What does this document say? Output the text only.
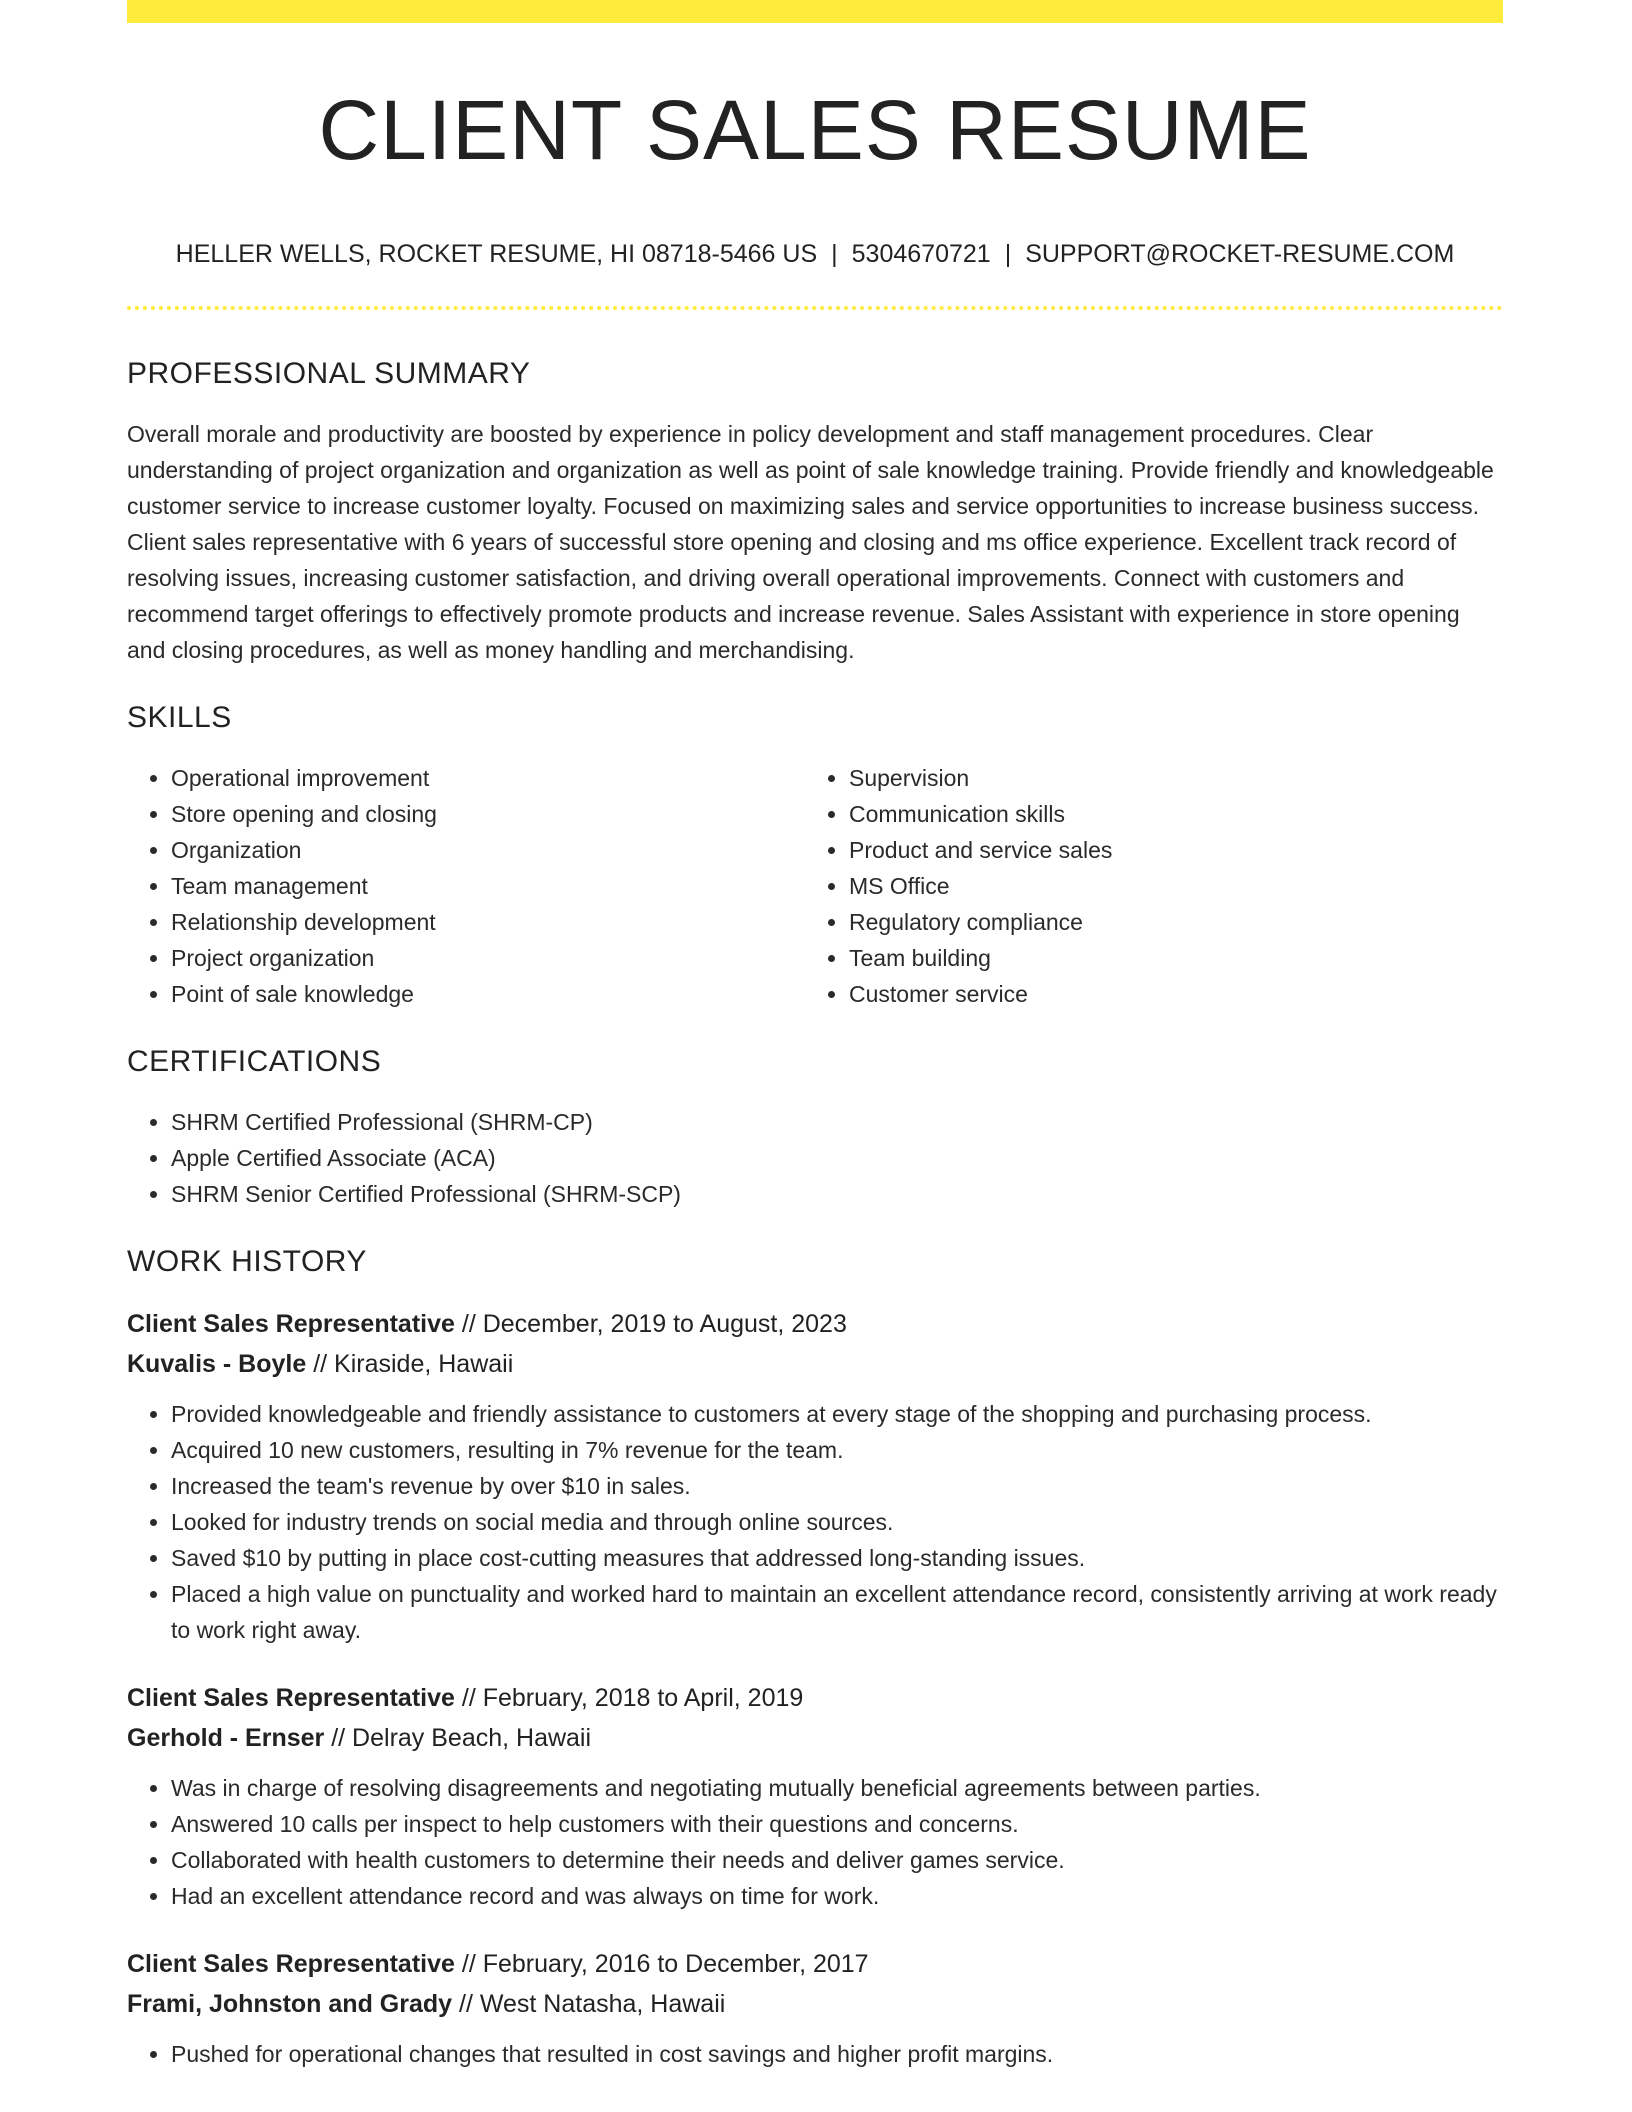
CLIENT SALES RESUME
HELLER WELLS, ROCKET RESUME, HI 08718-5466 US | 5304670721 | SUPPORT@ROCKET-RESUME.COM
PROFESSIONAL SUMMARY

Overall morale and productivity are boosted by experience in policy development and staff management procedures. Clear understanding of project organization and organization as well as point of sale knowledge training. Provide friendly and knowledgeable customer service to increase customer loyalty. Focused on maximizing sales and service opportunities to increase business success. Client sales representative with 6 years of successful store opening and closing and ms office experience. Excellent track record of resolving issues, increasing customer satisfaction, and driving overall operational improvements. Connect with customers and recommend target offerings to effectively promote products and increase revenue. Sales Assistant with experience in store opening and closing procedures, as well as money handling and merchandising.

SKILLS
• Operational improvement
• Store opening and closing
• Organization
• Team management
• Relationship development
• Project organization
• Point of sale knowledge
• Supervision
• Communication skills
• Product and service sales
• MS Office
• Regulatory compliance
• Team building
• Customer service
CERTIFICATIONS
• SHRM Certified Professional (SHRM-CP)
• Apple Certified Associate (ACA)
• SHRM Senior Certified Professional (SHRM-SCP)
WORK HISTORY
Client Sales Representative // December, 2019 to August, 2023
Kuvalis - Boyle // Kiraside, Hawaii
• Provided knowledgeable and friendly assistance to customers at every stage of the shopping and purchasing process.
• Acquired 10 new customers, resulting in 7% revenue for the team.
• Increased the team's revenue by over $10 in sales.
• Looked for industry trends on social media and through online sources.
• Saved $10 by putting in place cost-cutting measures that addressed long-standing issues.
• Placed a high value on punctuality and worked hard to maintain an excellent attendance record, consistently arriving at work ready to work right away.
Client Sales Representative // February, 2018 to April, 2019
Gerhold - Ernser // Delray Beach, Hawaii
• Was in charge of resolving disagreements and negotiating mutually beneficial agreements between parties.
• Answered 10 calls per inspect to help customers with their questions and concerns.
• Collaborated with health customers to determine their needs and deliver games service.
• Had an excellent attendance record and was always on time for work.
Client Sales Representative // February, 2016 to December, 2017
Frami, Johnston and Grady // West Natasha, Hawaii
• Pushed for operational changes that resulted in cost savings and higher profit margins.
